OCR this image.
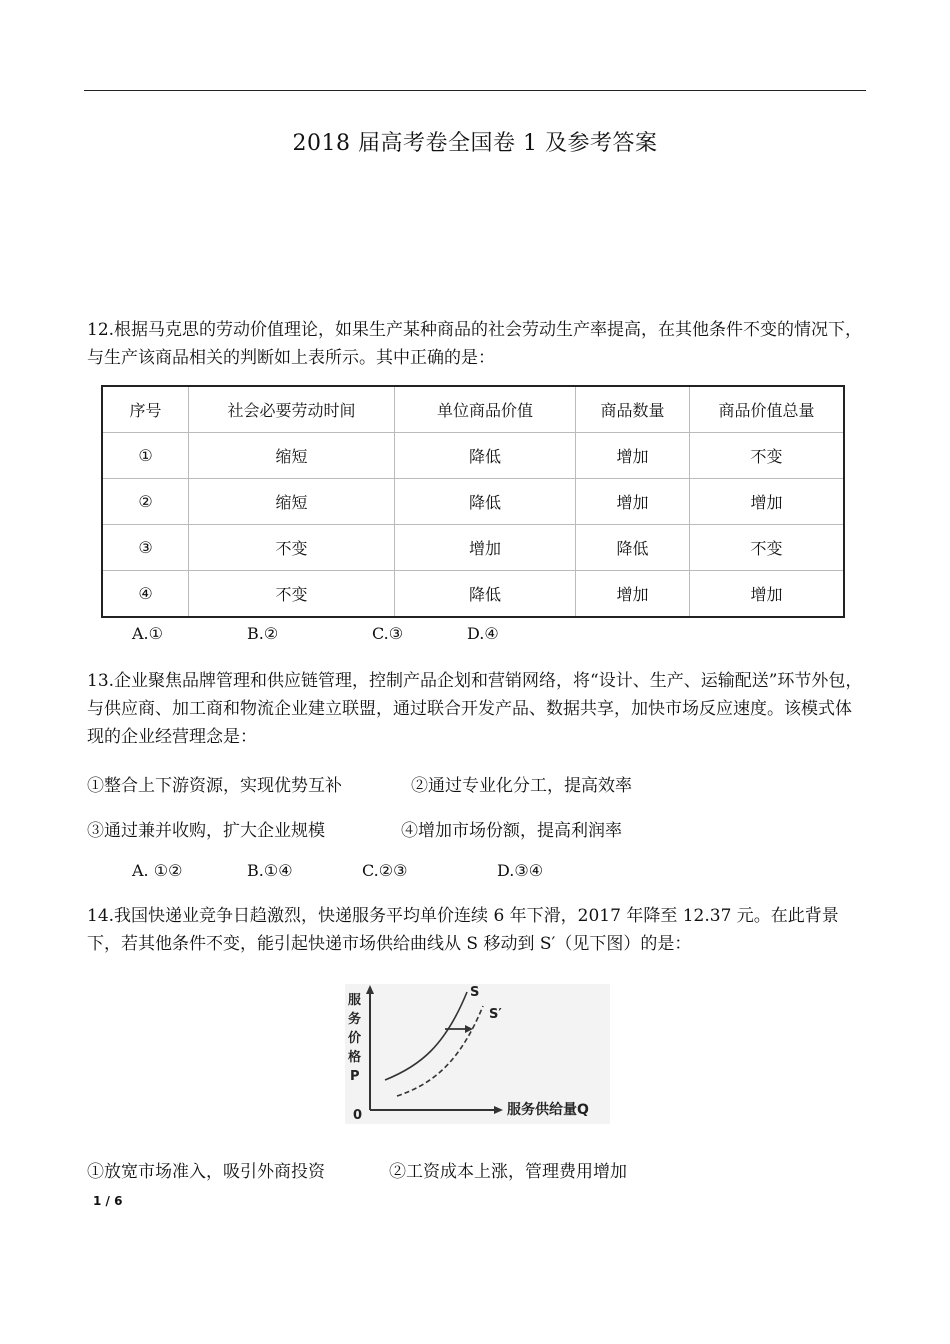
2018 届高考卷全国卷 1 及参考答案
12.根据马克思的劳动价值理论，如果生产某种商品的社会劳动生产率提高，在其他条件不变的情况下，与生产该商品相关的判断如上表所示。其中正确的是：
序号	社会必要劳动时间	单位商品价值	商品数量	商品价值总量
①	缩短	降低	增加	不变
②	缩短	降低	增加	增加
③	不变	增加	降低	不变
④	不变	降低	增加	增加
A.①	B.②	C.③	D.④
13.企业聚焦品牌管理和供应链管理，控制产品企划和营销网络，将“设计、生产、运输配送”环节外包，与供应商、加工商和物流企业建立联盟，通过联合开发产品、数据共享，加快市场反应速度。该模式体现的企业经营理念是：
①整合上下游资源，实现优势互补	②通过专业化分工，提高效率
③通过兼并收购，扩大企业规模	④增加市场份额，提高利润率
A. ①②	B.①④	C.②③	D.③④
14.我国快递业竞争日趋激烈，快递服务平均单价连续 6 年下滑，2017 年降至 12.37 元。在此背景下，若其他条件不变，能引起快递市场供给曲线从 S 移动到 S′（见下图）的是：
服
务
价
格
P
0	服务供给量Q
S
S′
①放宽市场准入，吸引外商投资	②工资成本上涨，管理费用增加
1 / 6
